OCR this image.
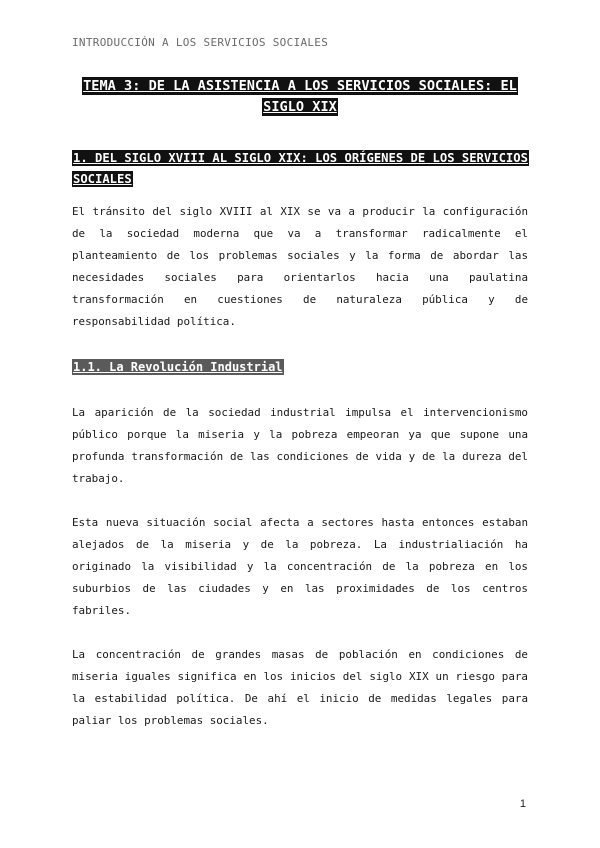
INTRODUCCIÓN A LOS SERVICIOS SOCIALES
TEMA 3: DE LA ASISTENCIA A LOS SERVICIOS SOCIALES: EL SIGLO XIX
1. DEL SIGLO XVIII AL SIGLO XIX: LOS ORÍGENES DE LOS SERVICIOS SOCIALES

El tránsito del siglo XVIII al XIX se va a producir la configuración de la sociedad moderna que va a transformar radicalmente el planteamiento de los problemas sociales y la forma de abordar las necesidades sociales para orientarlos hacia una paulatina transformación en cuestiones de naturaleza pública y de responsabilidad política.

1.1. La Revolución Industrial

La aparición de la sociedad industrial impulsa el intervencionismo público porque la miseria y la pobreza empeoran ya que supone una profunda transformación de las condiciones de vida y de la dureza del trabajo.

Esta nueva situación social afecta a sectores hasta entonces estaban alejados de la miseria y de la pobreza. La industrialiación ha originado la visibilidad y la concentración de la pobreza en los suburbios de las ciudades y en las proximidades de los centros fabriles.

La concentración de grandes masas de población en condiciones de miseria iguales significa en los inicios del siglo XIX un riesgo para la estabilidad política. De ahí el inicio de medidas legales para paliar los problemas sociales.

1
